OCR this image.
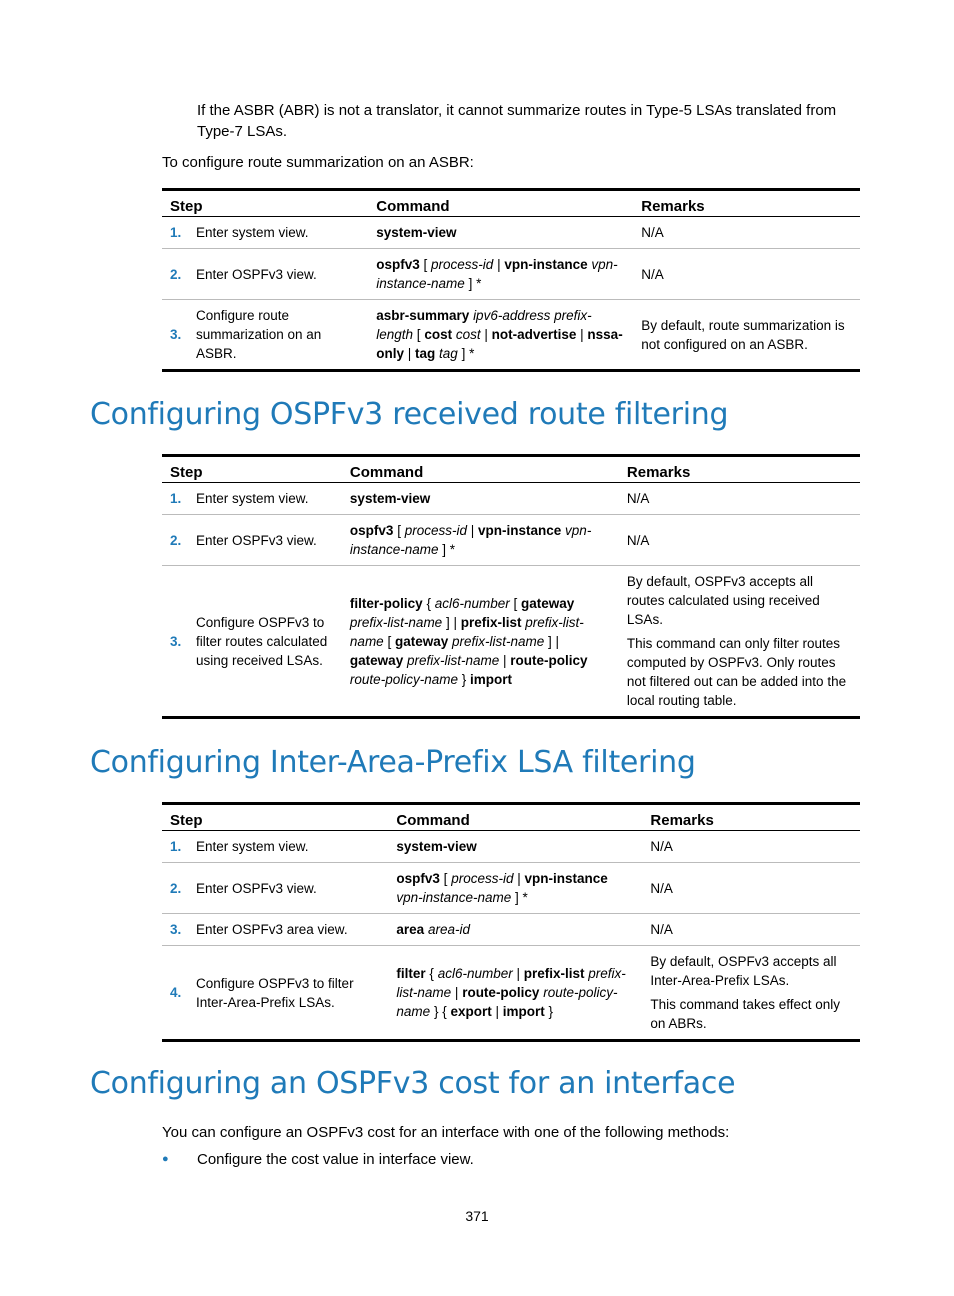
If the ASBR (ABR) is not a translator, it cannot summarize routes in Type-5 LSAs translated from Type-7 LSAs.
To configure route summarization on an ASBR:
Step		Command	Remarks
1.	Enter system view.	system-view	N/A
2.	Enter OSPFv3 view.	ospfv3 [ process-id | vpn-instance vpn-instance-name ] *	N/A
3.	Configure route summarization on an ASBR.	asbr-summary ipv6-address prefix-length [ cost cost | not-advertise | nssa-only | tag tag ] *	By default, route summarization is not configured on an ASBR.
Configuring OSPFv3 received route filtering
Step		Command	Remarks
1.	Enter system view.	system-view	N/A
2.	Enter OSPFv3 view.	ospfv3 [ process-id | vpn-instance vpn-instance-name ] *	N/A
3.	Configure OSPFv3 to filter routes calculated using received LSAs.	filter-policy { acl6-number [ gateway prefix-list-name ] | prefix-list prefix-list-name [ gateway prefix-list-name ] | gateway prefix-list-name | route-policy route-policy-name } import	By default, OSPFv3 accepts all routes calculated using received LSAs.

This command can only filter routes computed by OSPFv3. Only routes not filtered out can be added into the local routing table.

Configuring Inter-Area-Prefix LSA filtering
Step		Command	Remarks
1.	Enter system view.	system-view	N/A
2.	Enter OSPFv3 view.	ospfv3 [ process-id | vpn-instance vpn-instance-name ] *	N/A
3.	Enter OSPFv3 area view.	area area-id	N/A
4.	Configure OSPFv3 to filter Inter-Area-Prefix LSAs.	filter { acl6-number | prefix-list prefix-list-name | route-policy route-policy-name } { export | import }	By default, OSPFv3 accepts all Inter-Area-Prefix LSAs.

This command takes effect only on ABRs.

Configuring an OSPFv3 cost for an interface
You can configure an OSPFv3 cost for an interface with one of the following methods:
● Configure the cost value in interface view.
371
